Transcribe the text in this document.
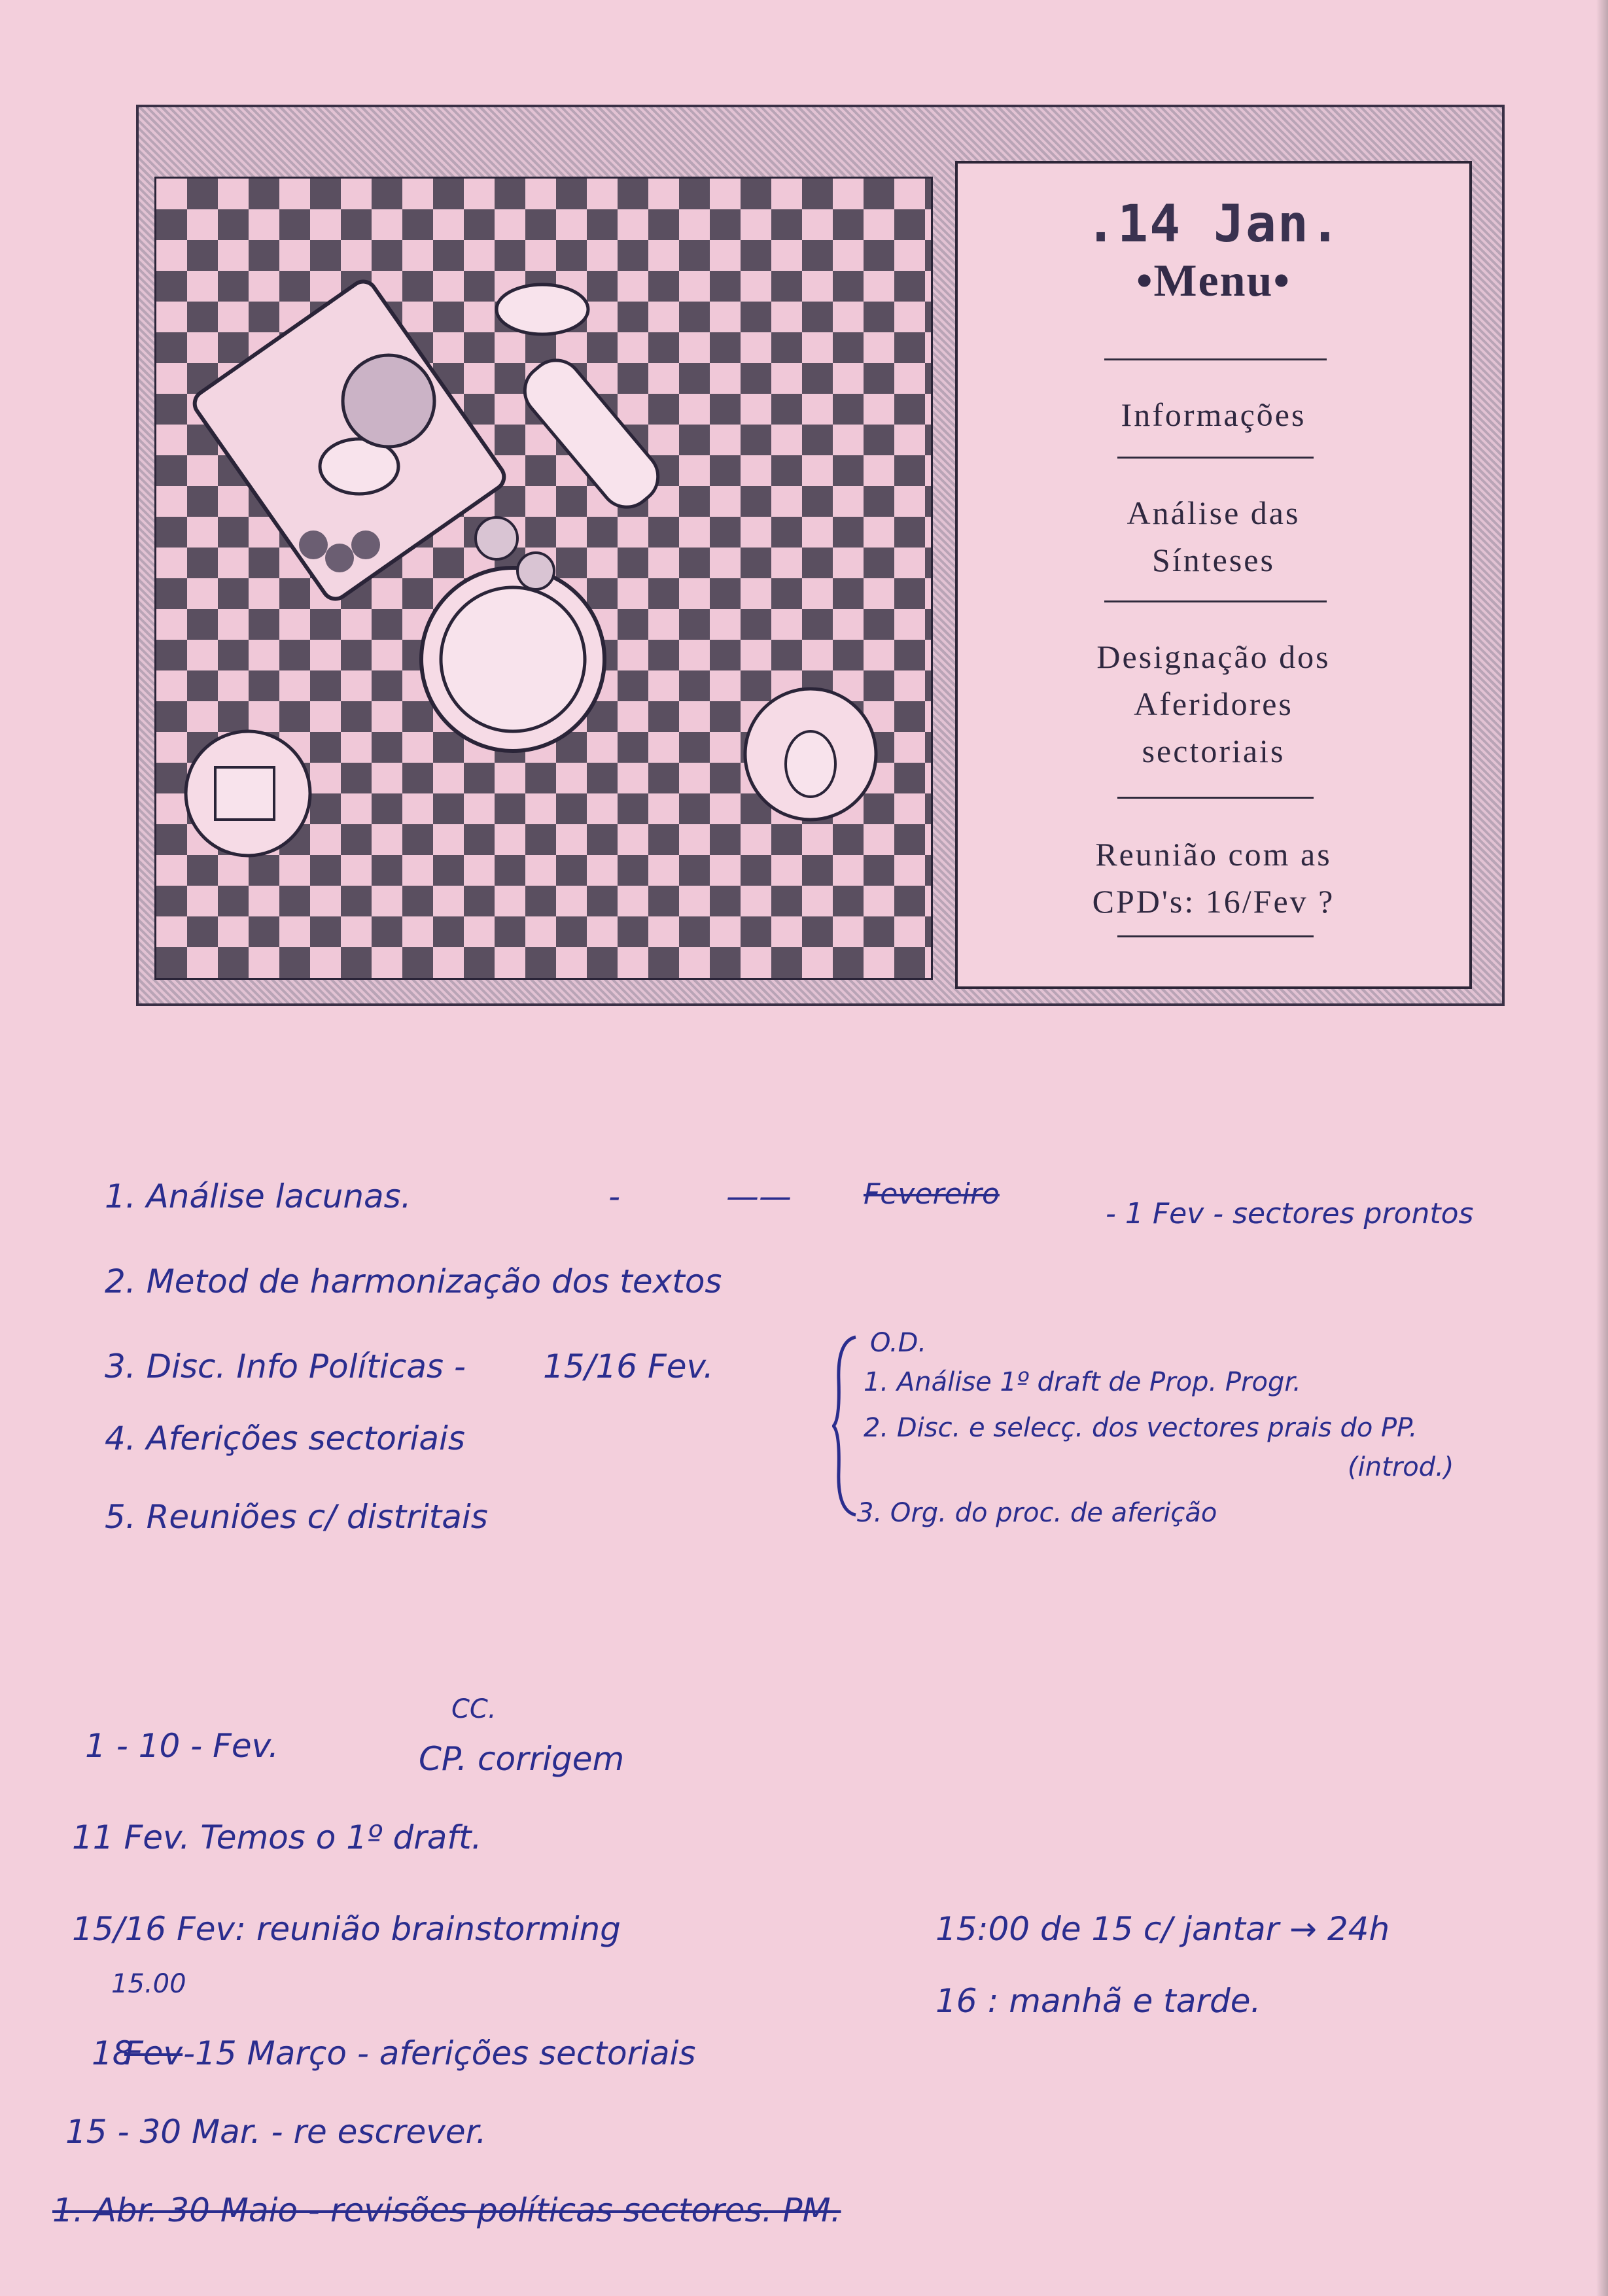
.14 Jan.
•Menu•
Informações
Análise das
Sínteses
Designação dos
Aferidores
sectoriais
Reunião com as
CPD's: 16/Fev ?
1. Análise lacunas.	-	——	Fevereiro
- 1 Fev - sectores prontos
2. Metod de harmonização dos textos
3. Disc. Info Políticas - 15/16 Fev.
4. Aferições sectoriais
5. Reuniões c/ distritais
O.D.
1. Análise 1º draft de Prop. Progr.
2. Disc. e selecç. dos vectores prais do PP.
(introd.)
3. Org. do proc. de aferição
CC.
1 - 10 - Fev.	CP. corrigem
11 Fev. Temos o 1º draft.
15/16 Fev: reunião brainstorming
15.00
18
Fev -15 Março - aferições sectoriais
15 - 30 Mar. - re escrever.
1. Abr. 30 Maio - revisões políticas sectores. PM.
15:00 de 15 c/ jantar → 24h
16 : manhã e tarde.
